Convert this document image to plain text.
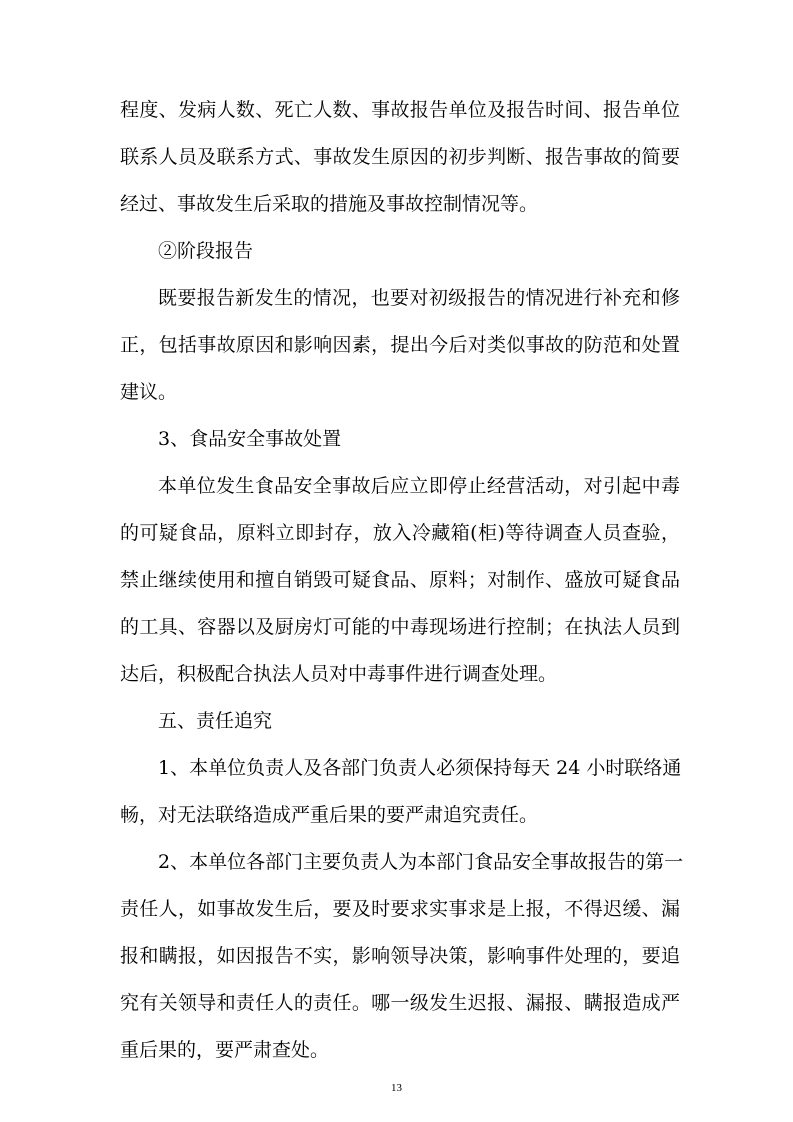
程度、发病人数、死亡人数、事故报告单位及报告时间、报告单位
联系人员及联系方式、事故发生原因的初步判断、报告事故的简要
经过、事故发生后采取的措施及事故控制情况等。
②阶段报告
既要报告新发生的情况，也要对初级报告的情况进行补充和修
正，包括事故原因和影响因素，提出今后对类似事故的防范和处置
建议。
3、食品安全事故处置
本单位发生食品安全事故后应立即停止经营活动，对引起中毒
的可疑食品，原料立即封存，放入冷藏箱(柜)等待调查人员查验，
禁止继续使用和擅自销毁可疑食品、原料；对制作、盛放可疑食品
的工具、容器以及厨房灯可能的中毒现场进行控制；在执法人员到
达后，积极配合执法人员对中毒事件进行调查处理。
五、责任追究
1、本单位负责人及各部门负责人必须保持每天 24 小时联络通
畅，对无法联络造成严重后果的要严肃追究责任。
2、本单位各部门主要负责人为本部门食品安全事故报告的第一
责任人，如事故发生后，要及时要求实事求是上报，不得迟缓、漏
报和瞒报，如因报告不实，影响领导决策，影响事件处理的，要追
究有关领导和责任人的责任。哪一级发生迟报、漏报、瞒报造成严
重后果的，要严肃查处。
13
